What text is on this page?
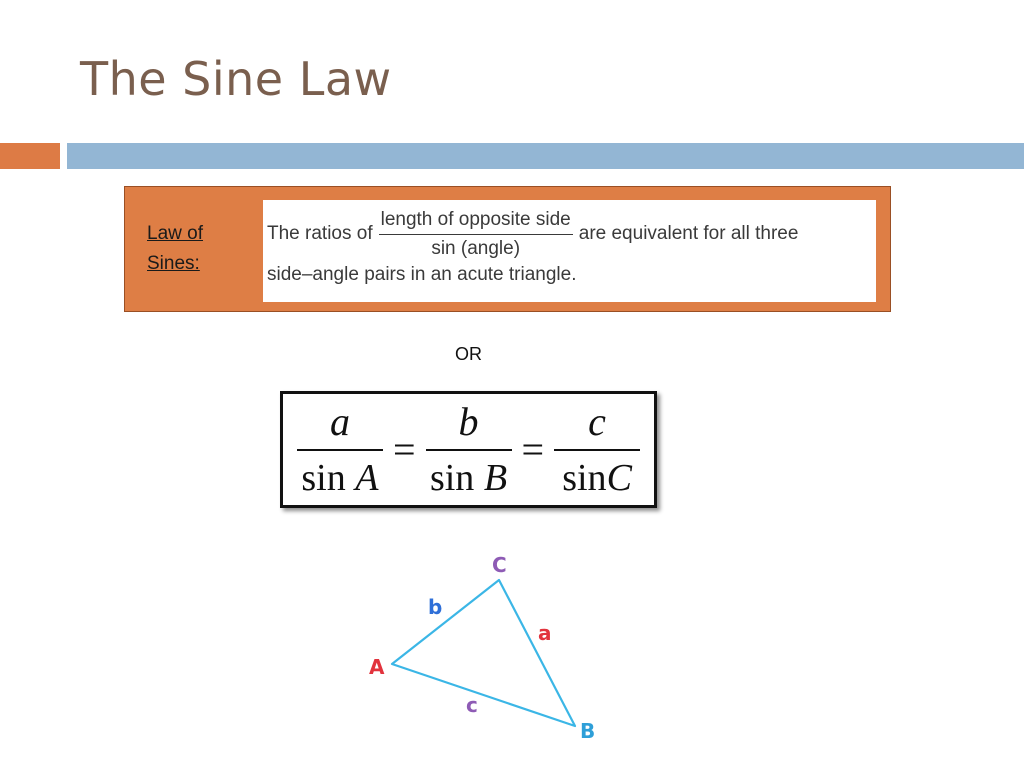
The Sine Law
Law of Sines:
The ratios of $\frac{\text{length of opposite side}}{\text{sin (angle)}}$ are equivalent for all three
side–angle pairs in an acute triangle.
OR
$\frac{a}{\text{sin A}} = \frac{b}{\text{sin B}} = \frac{c}{\sin C}$
C
A
B
b
a
c
